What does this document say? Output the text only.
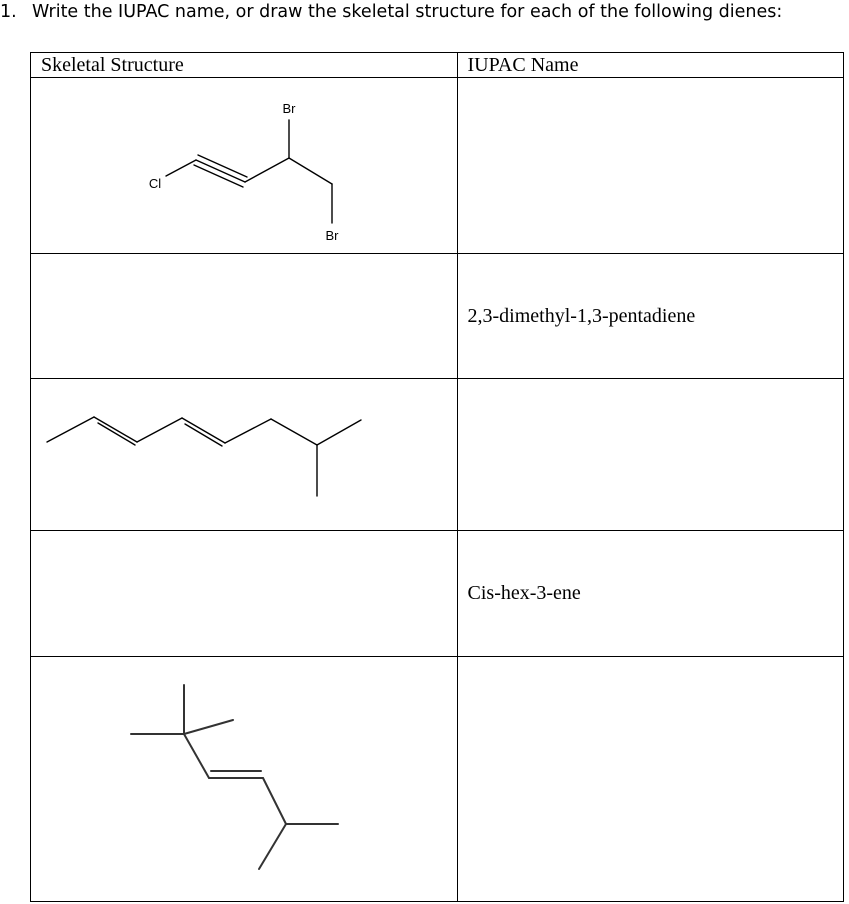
1. Write the IUPAC name, or draw the skeletal structure for each of the following dienes:
Skeletal Structure	IUPAC Name

Br
Cl
Br	

	2,3-dimethyl-1,3-pentadiene

	Cis-hex-3-ene
